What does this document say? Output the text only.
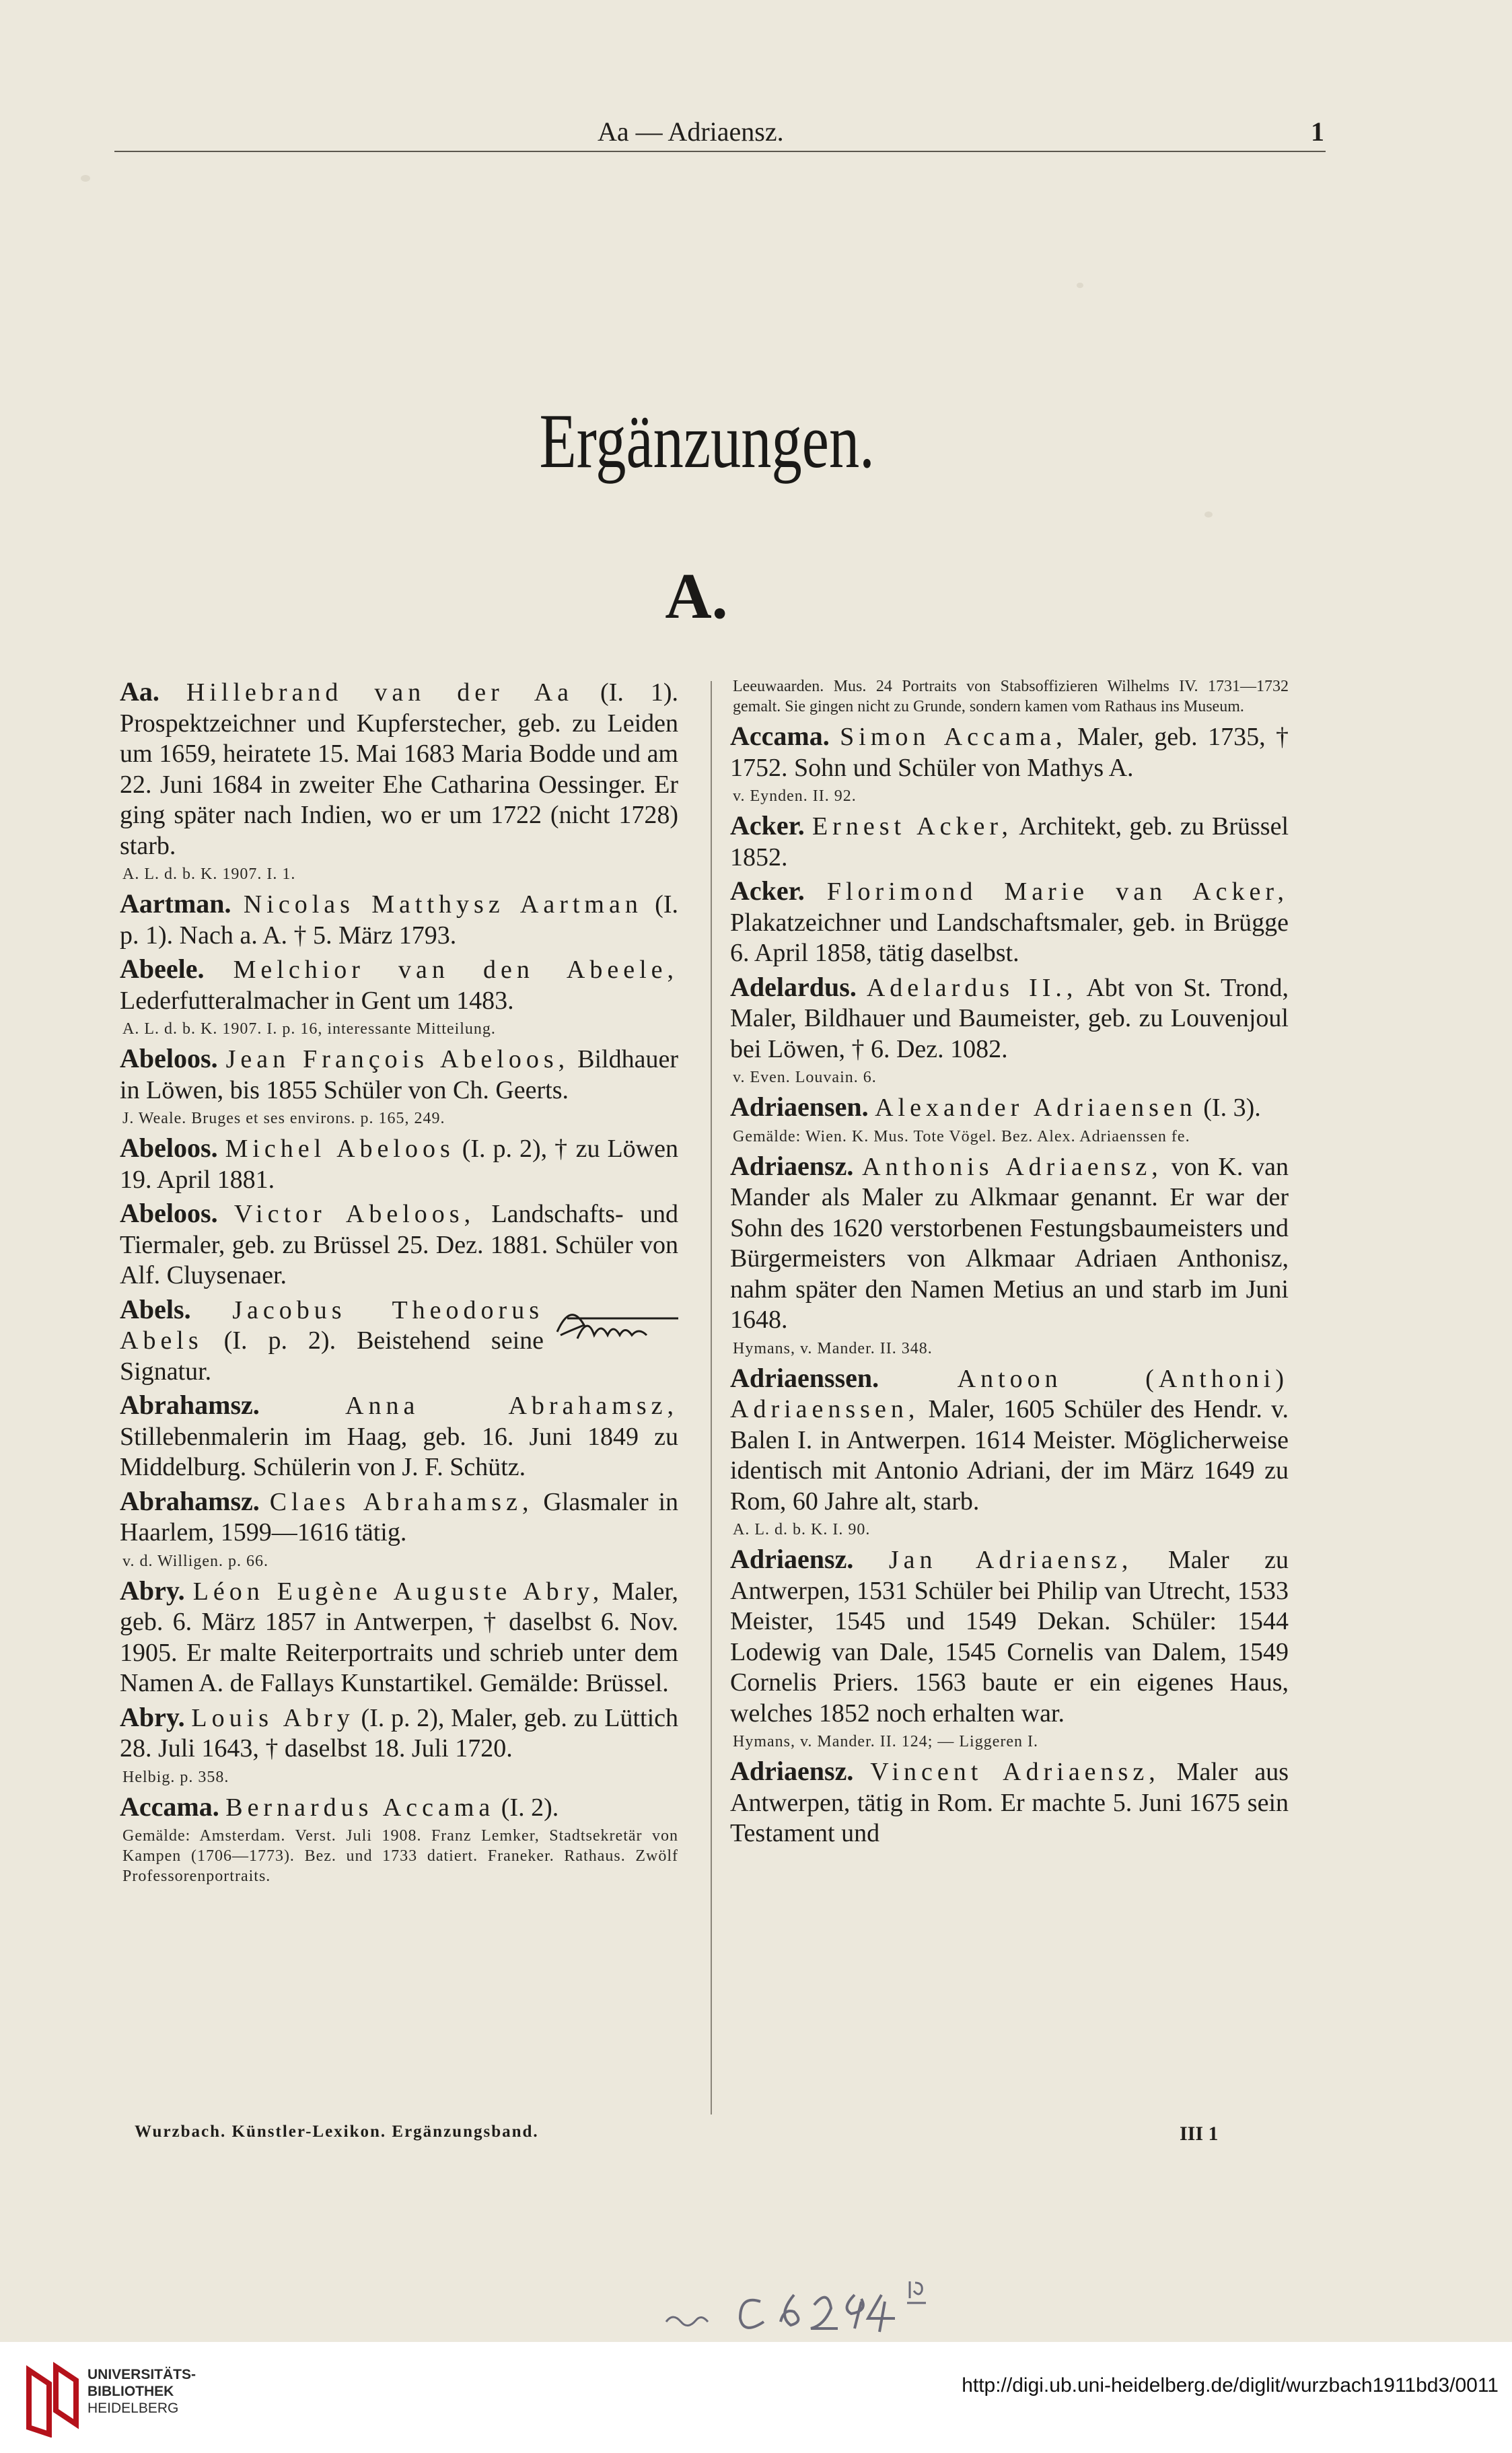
Aa — Adriaensz.	1
Ergänzungen.
A.

Aa. Hillebrand van der Aa (I. 1). Prospektzeichner und Kupferstecher, geb. zu Leiden um 1659, heiratete 15. Mai 1683 Maria Bodde und am 22. Juni 1684 in zweiter Ehe Catharina Oessinger. Er ging später nach Indien, wo er um 1722 (nicht 1728) starb.

A. L. d. b. K. 1907. I. 1.

Aartman. Nicolas Matthysz Aartman (I. p. 1). Nach a. A. † 5. März 1793.

Abeele. Melchior van den Abeele, Lederfutteralmacher in Gent um 1483.

A. L. d. b. K. 1907. I. p. 16, interessante Mitteilung.

Abeloos. Jean François Abeloos, Bildhauer in Löwen, bis 1855 Schüler von Ch. Geerts.

J. Weale. Bruges et ses environs. p. 165, 249.

Abeloos. Michel Abeloos (I. p. 2), † zu Löwen 19. April 1881.

Abeloos. Victor Abeloos, Landschafts- und Tiermaler, geb. zu Brüssel 25. Dez. 1881. Schüler von Alf. Cluysenaer.

Abels. Jacobus Theodorus Abels (I. p. 2). Beistehend seine Signatur.

Abrahamsz.	Anna Abrahamsz, Stillebenmalerin im Haag, geb. 16. Juni 1849 zu Middelburg. Schülerin von J. F. Schütz.

Abrahamsz. Claes Abrahamsz, Glasmaler in Haarlem, 1599—1616 tätig.

v. d. Willigen. p. 66.

Abry. Léon Eugène Auguste Abry, Maler, geb. 6. März 1857 in Antwerpen, † daselbst 6. Nov. 1905. Er malte Reiterportraits und schrieb unter dem Namen A. de Fallays Kunstartikel. Gemälde: Brüssel.

Abry. Louis Abry (I. p. 2), Maler, geb. zu Lüttich 28. Juli 1643, † daselbst 18. Juli 1720.

Helbig. p. 358.

Accama. Bernardus Accama (I. 2).

Gemälde: Amsterdam. Verst. Juli 1908. Franz Lemker, Stadtsekretär von Kampen (1706—1773). Bez. und 1733 datiert. Franeker. Rathaus. Zwölf Professorenportraits.
Leeuwaarden. Mus. 24 Portraits von Stabsoffizieren Wilhelms IV. 1731—1732 gemalt. Sie gingen nicht zu Grunde, sondern kamen vom Rathaus ins Museum.

Accama. Simon Accama, Maler, geb. 1735, † 1752. Sohn und Schüler von Mathys A.

v. Eynden. II. 92.

Acker. Ernest Acker, Architekt, geb. zu Brüssel 1852.

Acker. Florimond Marie van Acker, Plakatzeichner und Landschaftsmaler, geb. in Brügge 6. April 1858, tätig daselbst.

Adelardus. Adelardus II., Abt von St. Trond, Maler, Bildhauer und Baumeister, geb. zu Louvenjoul bei Löwen, † 6. Dez. 1082.

v. Even. Louvain. 6.

Adriaensen. Alexander Adriaensen (I. 3).

Gemälde: Wien. K. Mus. Tote Vögel. Bez. Alex. Adriaenssen fe.

Adriaensz. Anthonis Adriaensz, von K. van Mander als Maler zu Alkmaar genannt. Er war der Sohn des 1620 verstorbenen Festungsbaumeisters und Bürgermeisters von Alkmaar Adriaen Anthonisz, nahm später den Namen Metius an und starb im Juni 1648.

Hymans, v. Mander. II. 348.

Adriaenssen.	Antoon (Anthoni) Adriaenssen, Maler, 1605 Schüler des Hendr. v. Balen I. in Antwerpen. 1614 Meister. Möglicherweise identisch mit Antonio Adriani, der im März 1649 zu Rom, 60 Jahre alt, starb.

A. L. d. b. K. I. 90.

Adriaensz. Jan Adriaensz, Maler zu Antwerpen, 1531 Schüler bei Philip van Utrecht, 1533 Meister, 1545 und 1549 Dekan. Schüler: 1544 Lodewig van Dale, 1545 Cornelis van Dalem, 1549 Cornelis Priers. 1563 baute er ein eigenes Haus, welches 1852 noch erhalten war.

Hymans, v. Mander. II. 124; — Liggeren I.

Adriaensz. Vincent Adriaensz, Maler aus Antwerpen, tätig in Rom. Er machte 5. Juni 1675 sein Testament und

Wurzbach. Künstler-Lexikon. Ergänzungsband.	III 1
UNIVERSITÄTS-
BIBLIOTHEK
HEIDELBERG
http://digi.ub.uni-heidelberg.de/diglit/wurzbach1911bd3/0011
